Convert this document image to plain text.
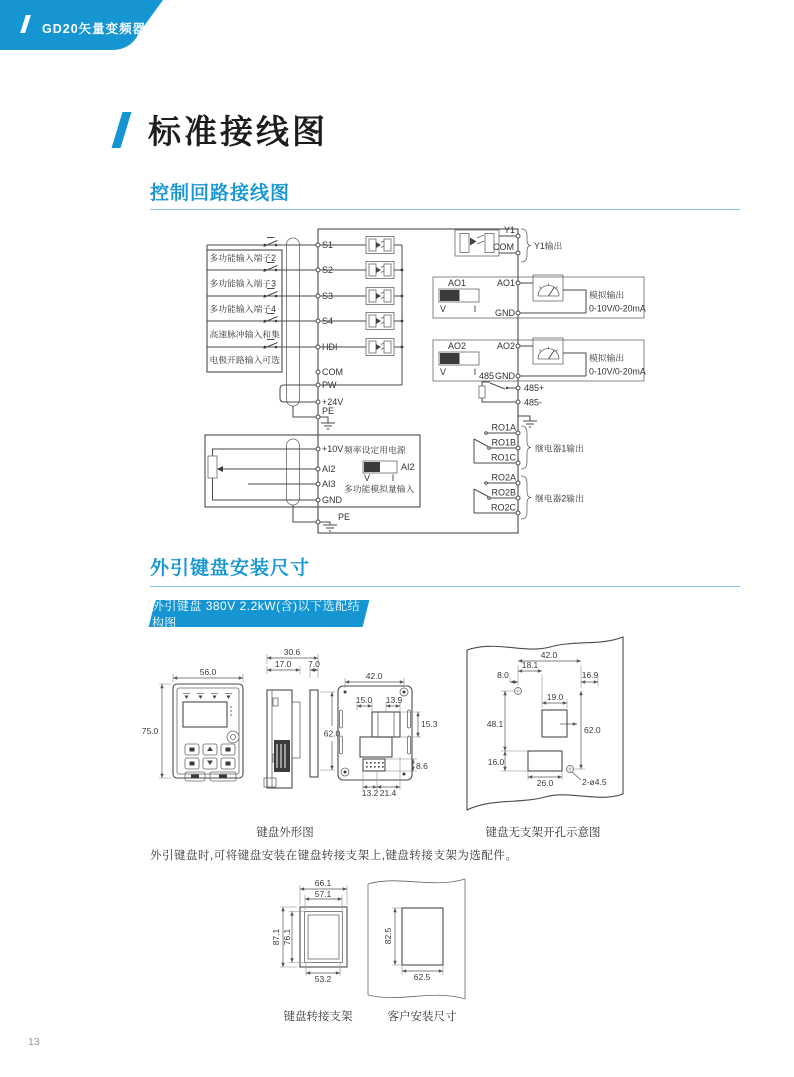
GD20矢量变频器
标准接线图
控制回路接线图
多功能输入端子2
多功能输入端子3
多功能输入端子4
高速脉冲输入和集
电极开路输入可选
S1
S2
S3
S4
HDI
COM
PW
+24V
PE
+10V
AI2
AI3
GND
PE
频率设定用电源
AI2
V I
多功能模拟量输入
Y1
COM Y1输出
AO1
V	I
AO1
GND
模拟输出
0-10V/0-20mA
AO2
V	I
AO2
GND
模拟输出
0-10V/0-20mA
485
485+
485-
RO1A
RO1B
RO1C
继电器1输出
RO2A
RO2B
RO2C
继电器2输出
外引键盘安装尺寸
外引键盘 380V 2.2kW(含)以下选配结构图
56.0
75.0
30.6
17.0 7.0
62.0
42.0
15.0 13.9
15.3
8.6
13.2 21.4
42.0
18.1
8.0	16.9
19.0
48.1
62.0
16.0
26.0	2-ø4.5
键盘外形图	键盘无支架开孔示意图
外引键盘时,可将键盘安装在键盘转接支架上,键盘转接支架为选配件。
66.1
57.1
87.1 76.1
53.2
82.5
62.5
键盘转接支架	客户安装尺寸
13
